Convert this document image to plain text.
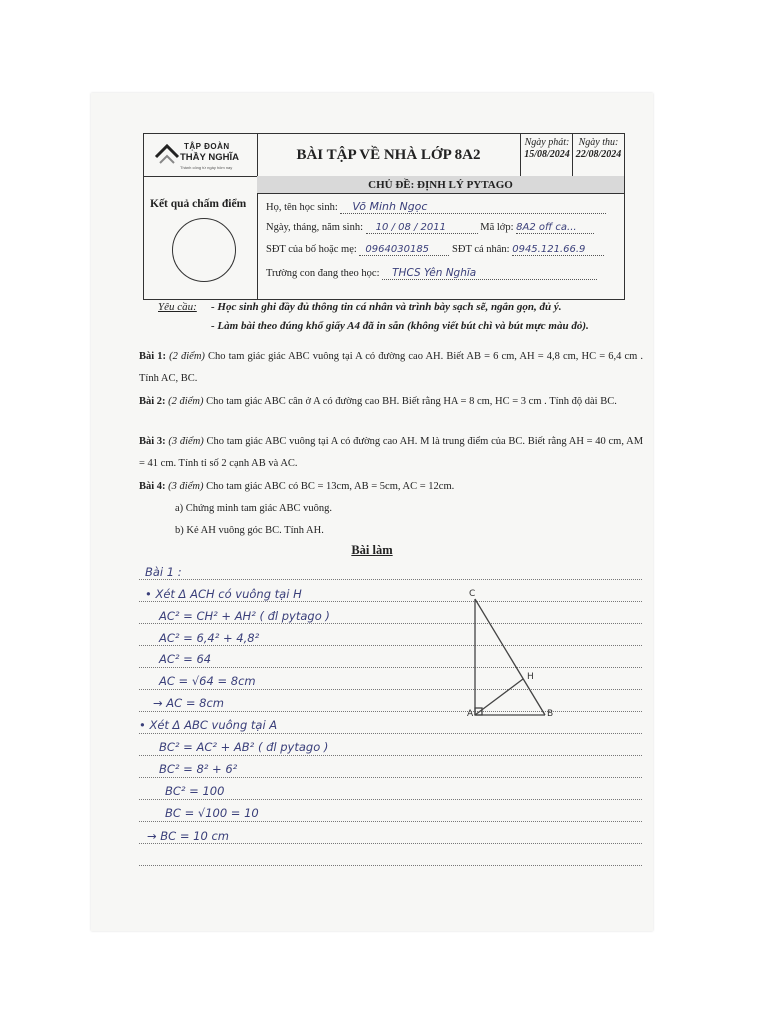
TẬP ĐOÀN
THẦY NGHĨA
Thành công từ ngày hôm nay
BÀI TẬP VỀ NHÀ LỚP 8A2
Ngày phát:
15/08/2024
Ngày thu:
22/08/2024
CHỦ ĐỀ: ĐỊNH LÝ PYTAGO
Kết quả chấm điểm Họ, tên học sinh: Võ Minh Ngọc
Ngày, tháng, năm sinh: 10 / 08 / 2011	Mã lớp: 8A2 off ca...
SĐT của bố hoặc mẹ: 0964030185 SĐT cá nhân: 0945.121.66.9
Trường con đang theo học: THCS Yên Nghĩa
Yêu cầu: - Học sinh ghi đầy đủ thông tin cá nhân và trình bày sạch sẽ, ngắn gọn, đủ ý.
- Làm bài theo đúng khổ giấy A4 đã in sẵn (không viết bút chì và bút mực màu đỏ).
Bài 1: (2 điểm) Cho tam giác giác ABC vuông tại A có đường cao AH. Biết AB = 6 cm, AH = 4,8 cm, HC = 6,4 cm . Tính AC, BC.
Bài 2: (2 điểm) Cho tam giác ABC cân ở A có đường cao BH. Biết rằng HA = 8 cm, HC = 3 cm . Tính độ dài BC.
Bài 3: (3 điểm) Cho tam giác ABC vuông tại A có đường cao AH. M là trung điểm của BC. Biết rằng AH = 40 cm, AM = 41 cm. Tính tỉ số 2 cạnh AB và AC.
Bài 4: (3 điểm) Cho tam giác ABC có BC = 13cm, AB = 5cm, AC = 12cm.
a) Chứng minh tam giác ABC vuông.
b) Kẻ AH vuông góc BC. Tính AH.
Bài làm
Bài 1 :
• Xét Δ ACH có vuông tại H
AC² = CH² + AH² ( đl pytago )
AC² = 6,4² + 4,8²
AC² = 64
AC = √64 = 8cm
→ AC = 8cm
• Xét Δ ABC vuông tại A
BC² = AC² + AB² ( đl pytago )
BC² = 8² + 6²
BC² = 100
BC = √100 = 10
→ BC = 10 cm
C
H
A	B
